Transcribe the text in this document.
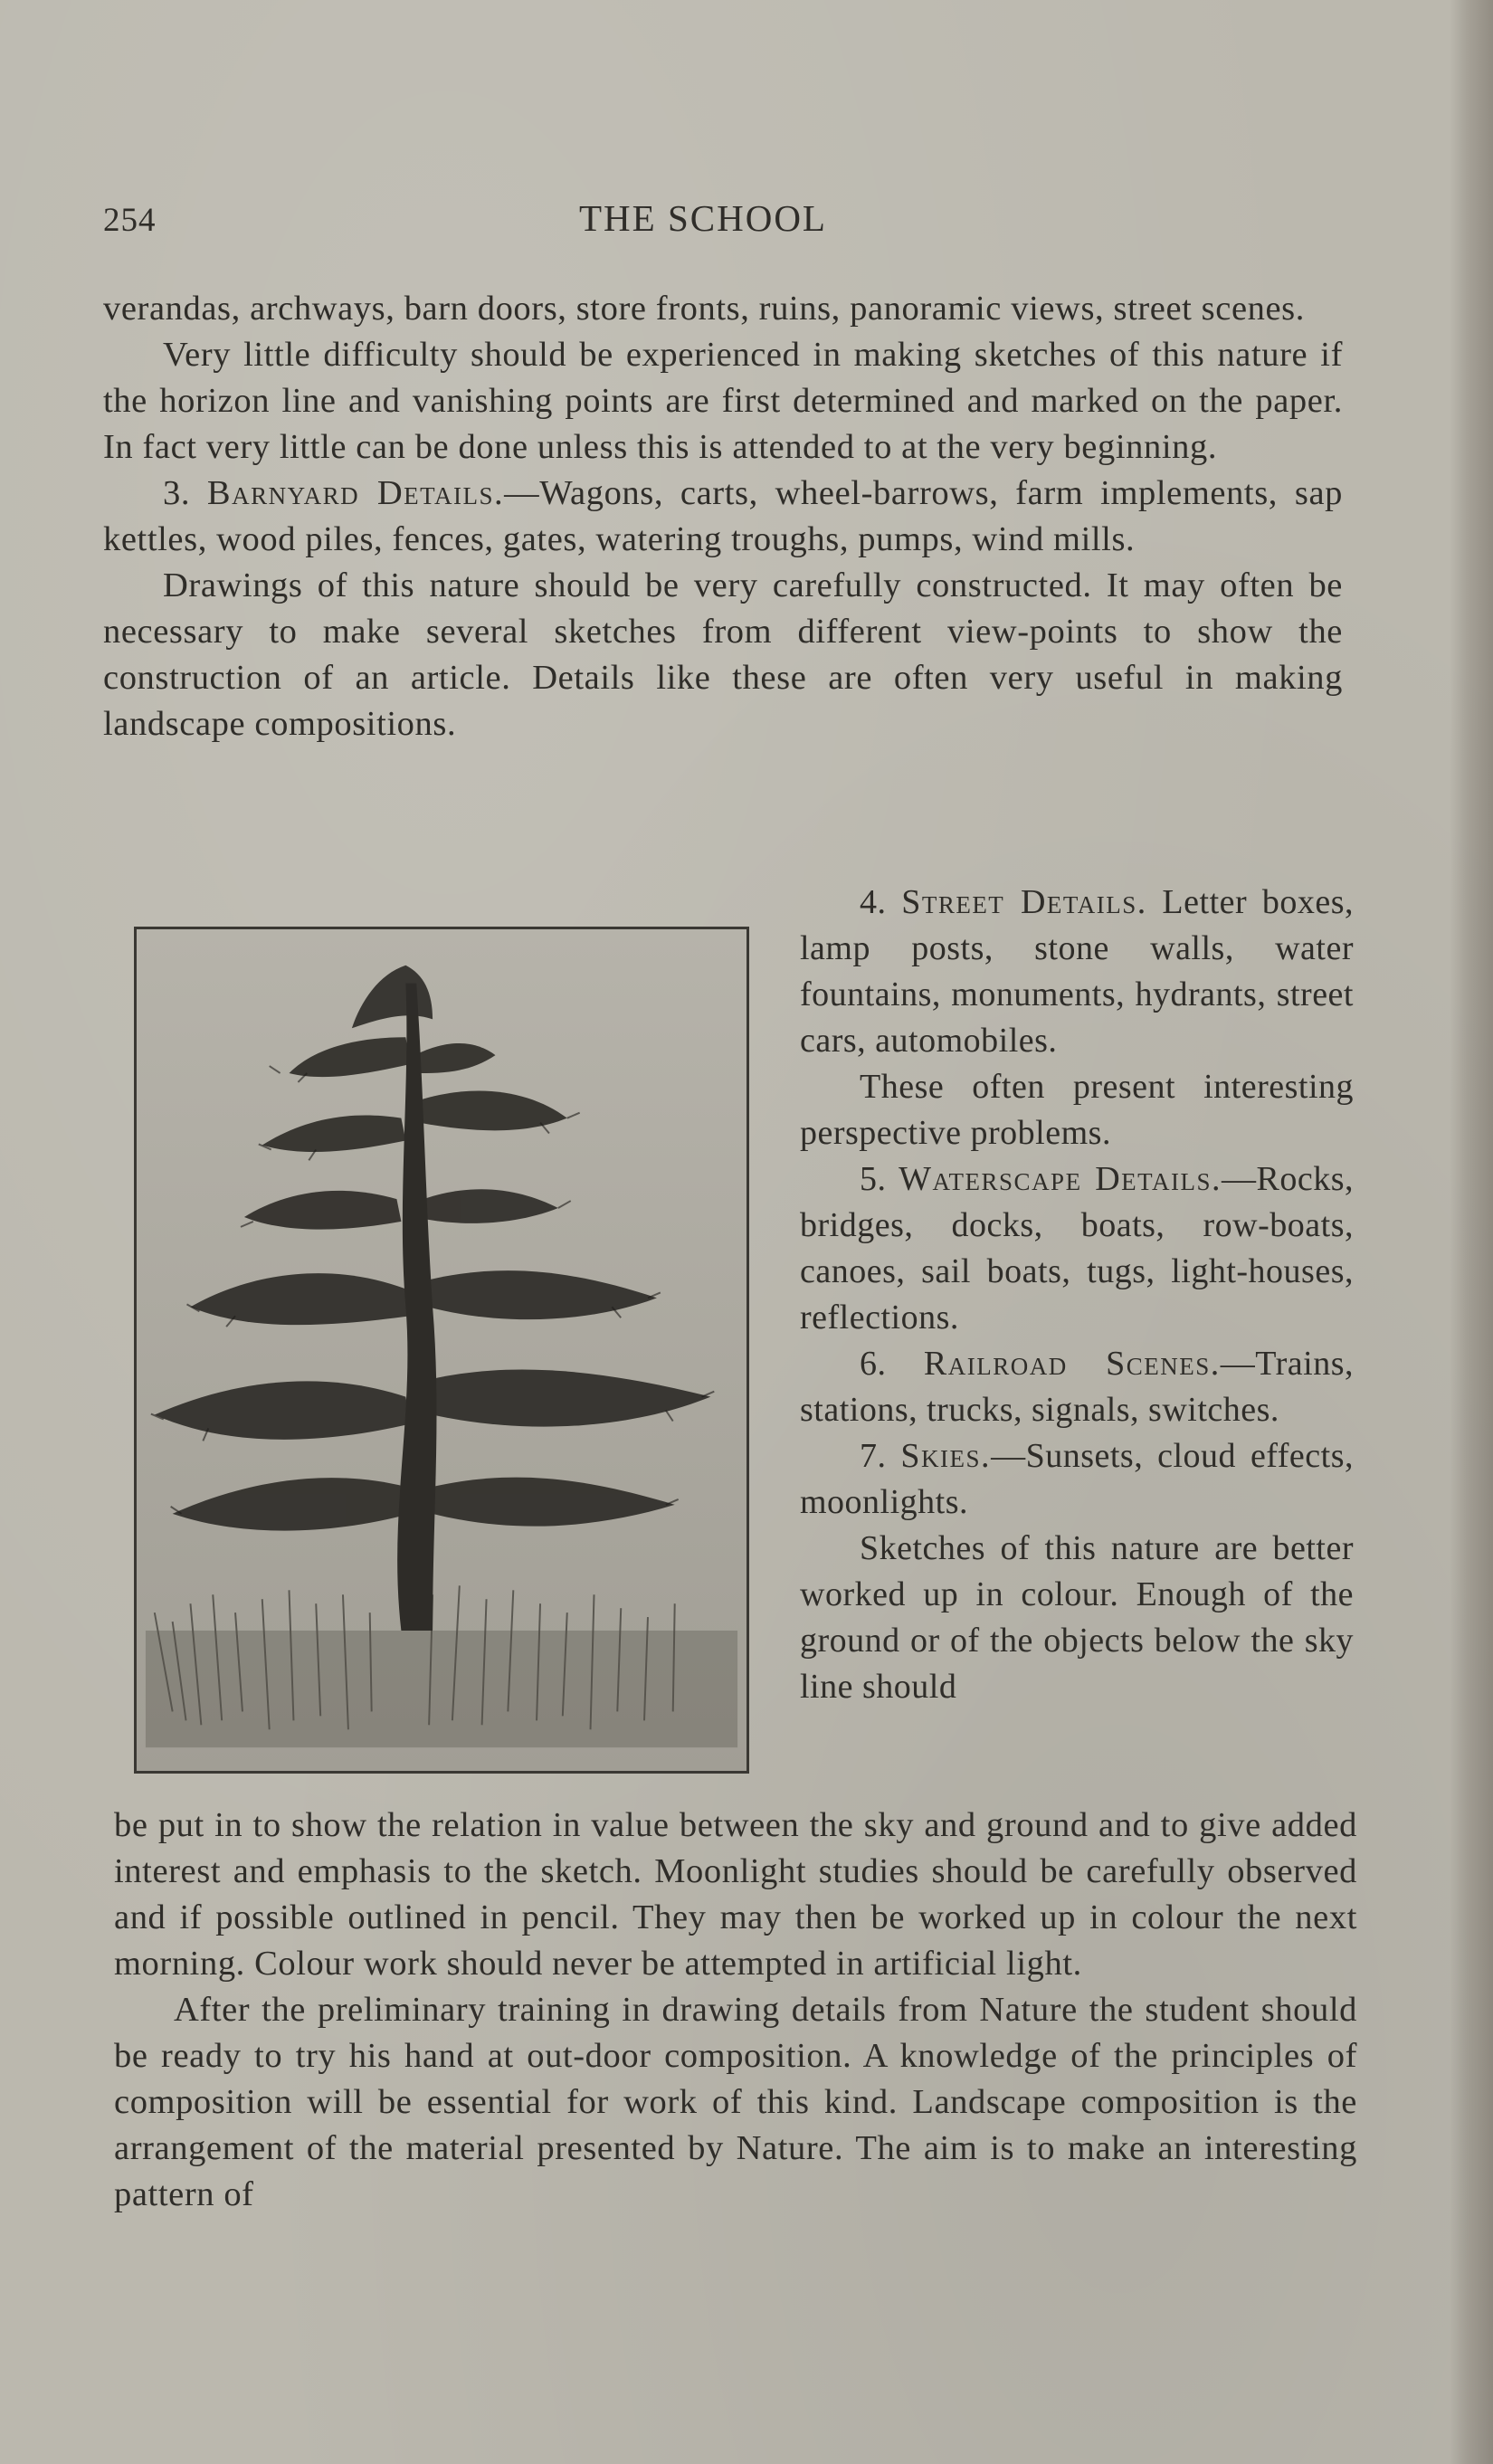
254	THE SCHOOL

verandas, archways, barn doors, store fronts, ruins, panoramic views, street scenes.

Very little difficulty should be experienced in making sketches of this nature if the horizon line and vanishing points are first determined and marked on the paper. In fact very little can be done unless this is attended to at the very beginning.

3. Barnyard Details.—Wagons, carts, wheel-barrows, farm implements, sap kettles, wood piles, fences, gates, watering troughs, pumps, wind mills.

Drawings of this nature should be very carefully constructed. It may often be necessary to make several sketches from different view-points to show the construction of an article. Details like these are often very useful in making landscape compositions.

4. Street Details. Letter boxes, lamp posts, stone walls, water fountains, monuments, hydrants, street cars, automobiles.

These often present interesting perspective problems.

5. Waterscape Details.—Rocks, bridges, docks, boats, row-boats, canoes, sail boats, tugs, light-houses, reflections.

6. Railroad Scenes.—Trains, stations, trucks, signals, switches.

7. Skies.—Sunsets, cloud effects, moonlights.

Sketches of this nature are better worked up in colour. Enough of the ground or of the objects below the sky line should

be put in to show the relation in value between the sky and ground and to give added interest and emphasis to the sketch. Moonlight studies should be carefully observed and if possible outlined in pencil. They may then be worked up in colour the next morning. Colour work should never be attempted in artificial light.

After the preliminary training in drawing details from Nature the student should be ready to try his hand at out-door composition. A knowledge of the principles of composition will be essential for work of this kind. Landscape composition is the arrangement of the material presented by Nature. The aim is to make an interesting pattern of
